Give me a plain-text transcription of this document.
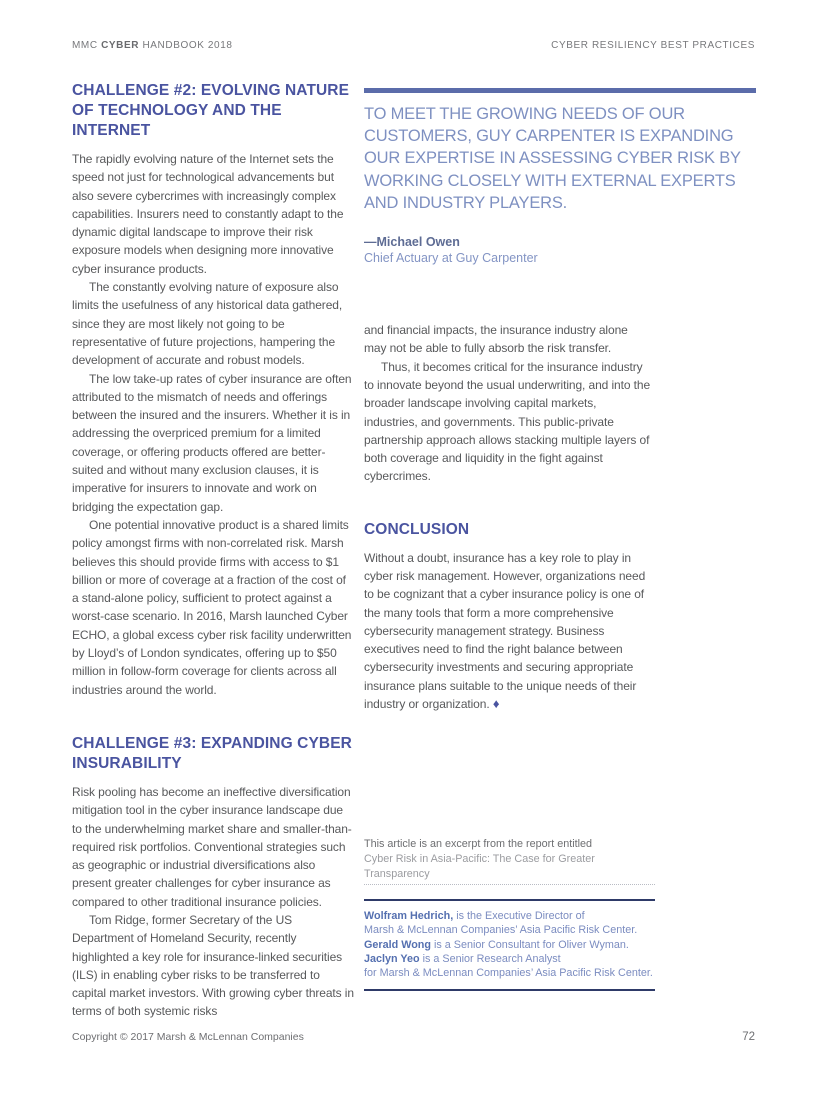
MMC CYBER HANDBOOK 2018	CYBER RESILIENCY BEST PRACTICES
CHALLENGE #2: EVOLVING NATURE OF TECHNOLOGY AND THE INTERNET

The rapidly evolving nature of the Internet sets the speed not just for technological advancements but also severe cybercrimes with increasingly complex capabilities. Insurers need to constantly adapt to the dynamic digital landscape to improve their risk exposure models when designing more innovative cyber insurance products.

The constantly evolving nature of exposure also limits the usefulness of any historical data gathered, since they are most likely not going to be representative of future projections, hampering the development of accurate and robust models.

The low take-up rates of cyber insurance are often attributed to the mismatch of needs and offerings between the insured and the insurers. Whether it is in addressing the overpriced premium for a limited coverage, or offering products offered are better-suited and without many exclusion clauses, it is imperative for insurers to innovate and work on bridging the expectation gap.

One potential innovative product is a shared limits policy amongst firms with non-correlated risk. Marsh believes this should provide firms with access to $1 billion or more of coverage at a fraction of the cost of a stand-alone policy, sufficient to protect against a worst-case scenario. In 2016, Marsh launched Cyber ECHO, a global excess cyber risk facility underwritten by Lloyd’s of London syndicates, offering up to $50 million in follow-form coverage for clients across all industries around the world.

CHALLENGE #3: EXPANDING CYBER INSURABILITY

Risk pooling has become an ineffective diversification mitigation tool in the cyber insurance landscape due to the underwhelming market share and smaller-than-required risk portfolios. Conventional strategies such as geographic or industrial diversifications also present greater challenges for cyber insurance as compared to other traditional insurance policies.

Tom Ridge, former Secretary of the US Department of Homeland Security, recently highlighted a key role for insurance-linked securities (ILS) in enabling cyber risks to be transferred to capital market investors. With growing cyber threats in terms of both systemic risks

TO MEET THE GROWING NEEDS OF OUR CUSTOMERS, GUY CARPENTER IS EXPANDING OUR EXPERTISE IN ASSESSING CYBER RISK BY WORKING CLOSELY WITH EXTERNAL EXPERTS AND INDUSTRY PLAYERS.
—Michael Owen
Chief Actuary at Guy Carpenter

and financial impacts, the insurance industry alone may not be able to fully absorb the risk transfer.

Thus, it becomes critical for the insurance industry to innovate beyond the usual underwriting, and into the broader landscape involving capital markets, industries, and governments. This public-private partnership approach allows stacking multiple layers of both coverage and liquidity in the fight against cybercrimes.

CONCLUSION

Without a doubt, insurance has a key role to play in cyber risk management. However, organizations need to be cognizant that a cyber insurance policy is one of the many tools that form a more comprehensive cybersecurity management strategy. Business executives need to find the right balance between cybersecurity investments and securing appropriate insurance plans suitable to the unique needs of their industry or organization. ♦

This article is an excerpt from the report entitled
Cyber Risk in Asia-Pacific: The Case for Greater Transparency
Wolfram Hedrich, is the Executive Director of
Marsh & McLennan Companies’ Asia Pacific Risk Center.
Gerald Wong is a Senior Consultant for Oliver Wyman.
Jaclyn Yeo is a Senior Research Analyst
for Marsh & McLennan Companies’ Asia Pacific Risk Center.
Copyright © 2017 Marsh & McLennan Companies	72
